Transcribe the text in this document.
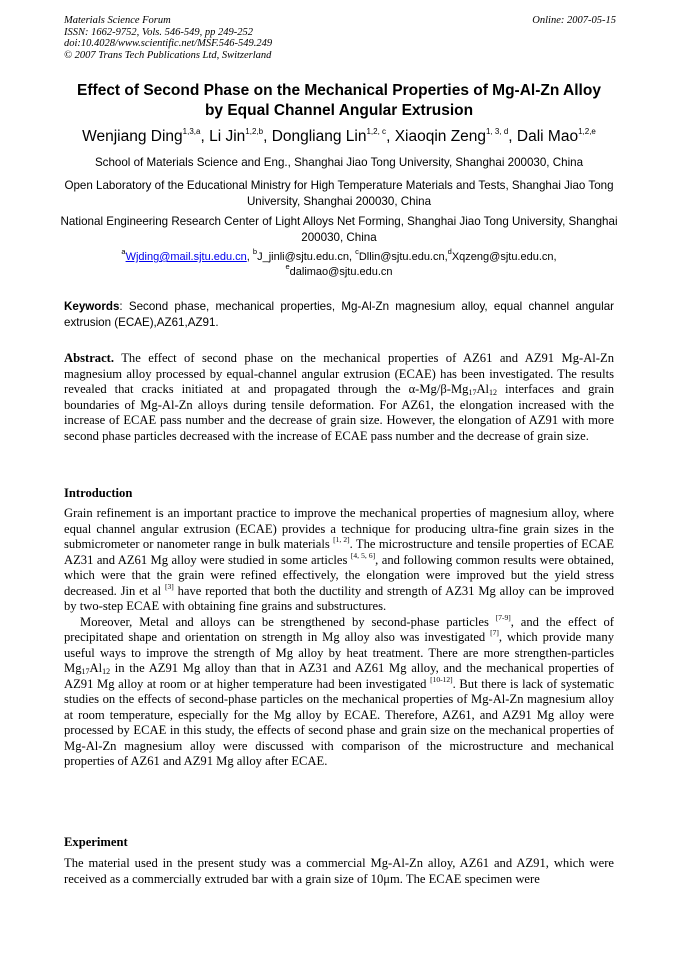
Materials Science Forum
ISSN: 1662-9752, Vols. 546-549, pp 249-252
doi:10.4028/www.scientific.net/MSF.546-549.249
© 2007 Trans Tech Publications Ltd, Switzerland
Online: 2007-05-15
Effect of Second Phase on the Mechanical Properties of Mg-Al-Zn Alloy
by Equal Channel Angular Extrusion
Wenjiang Ding$^{1,3,a}$, Li Jin$^{1,2,b}$, Dongliang Lin$^{1,2, c}$, Xiaoqin Zeng$^{1, 3, d}$, Dali Mao$^{1,2,e}$
School of Materials Science and Eng., Shanghai Jiao Tong University, Shanghai 200030, China
Open Laboratory of the Educational Ministry for High Temperature Materials and Tests, Shanghai Jiao Tong University, Shanghai 200030, China
National Engineering Research Center of Light Alloys Net Forming, Shanghai Jiao Tong University, Shanghai 200030, China
$^a$Wjding@mail.sjtu.edu.cn, $^b$J_jinli@sjtu.edu.cn, $^c$Dllin@sjtu.edu.cn,$^d$Xqzeng@sjtu.edu.cn,
$^e$dalimao@sjtu.edu.cn
Keywords: Second phase, mechanical properties, Mg-Al-Zn magnesium alloy, equal channel angular extrusion (ECAE),AZ61,AZ91.

Abstract. The effect of second phase on the mechanical properties of AZ61 and AZ91 Mg-Al-Zn magnesium alloy processed by equal-channel angular extrusion (ECAE) has been investigated. The results revealed that cracks initiated at and propagated through the $\alpha-Mg/\beta-Mg_{17}Al_{12}$ interfaces and grain boundaries of Mg-Al-Zn alloys during tensile deformation. For AZ61, the elongation increased with the increase of ECAE pass number and the decrease of grain size. However, the elongation of AZ91 with more second phase particles decreased with the increase of ECAE pass number and the decrease of grain size.

Introduction

Grain refinement is an important practice to improve the mechanical properties of magnesium alloy, where equal channel angular extrusion (ECAE) provides a technique for producing ultra-fine grain sizes in the submicrometer or nanometer range in bulk materials [1, 2]. The microstructure and tensile properties of ECAE AZ31 and AZ61 Mg alloy were studied in some articles [4, 5, 6], and following common results were obtained, which were that the grain were refined effectively, the elongation were improved but the yield stress decreased. Jin et al [3] have reported that both the ductility and strength of AZ31 Mg alloy can be improved by two-step ECAE with obtaining fine grains and substructures.

Moreover, Metal and alloys can be strengthened by second-phase particles [7-9], and the effect of precipitated shape and orientation on strength in Mg alloy also was investigated [7], which provide many useful ways to improve the strength of Mg alloy by heat treatment. There are more strengthen-particles $Mg_{17}Al_{12}$ in the AZ91 Mg alloy than that in AZ31 and AZ61 Mg alloy, and the mechanical properties of AZ91 Mg alloy at room or at higher temperature had been investigated [10-12]. But there is lack of systematic studies on the effects of second-phase particles on the mechanical properties of Mg-Al-Zn magnesium alloy at room temperature, especially for the Mg alloy by ECAE. Therefore, AZ61, and AZ91 Mg alloy were processed by ECAE in this study, the effects of second phase and grain size on the mechanical properties of Mg-Al-Zn magnesium alloy were discussed with comparison of the microstructure and mechanical properties of AZ61 and AZ91 Mg alloy after ECAE.

Experiment

The material used in the present study was a commercial Mg-Al-Zn alloy, AZ61 and AZ91, which were received as a commercially extruded bar with a grain size of 10μm. The ECAE specimen were
